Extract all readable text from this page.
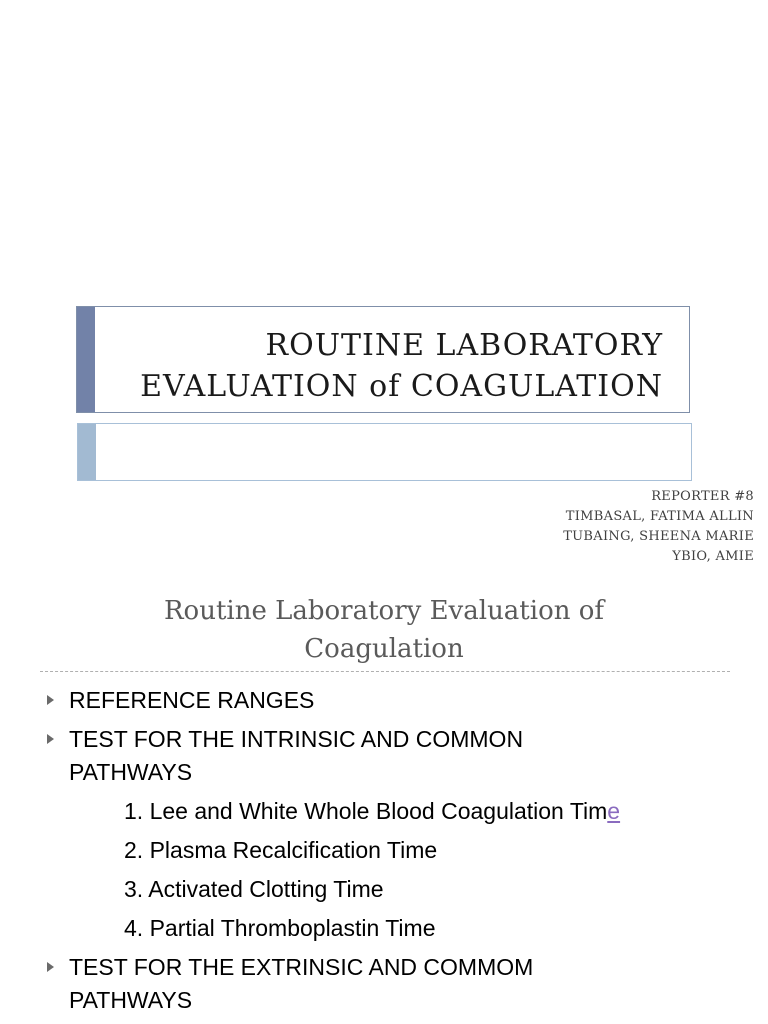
ROUTINE LABORATORY
EVALUATION of COAGULATION
REPORTER #8
TIMBASAL, FATIMA ALLIN
TUBAING, SHEENA MARIE
YBIO, AMIE
Routine Laboratory Evaluation of
Coagulation
REFERENCE RANGES
TEST FOR THE INTRINSIC AND COMMON
PATHWAYS
1. Lee and White Whole Blood Coagulation Time
2. Plasma Recalcification Time
3. Activated Clotting Time
4. Partial Thromboplastin Time
TEST FOR THE EXTRINSIC AND COMMOM
PATHWAYS
